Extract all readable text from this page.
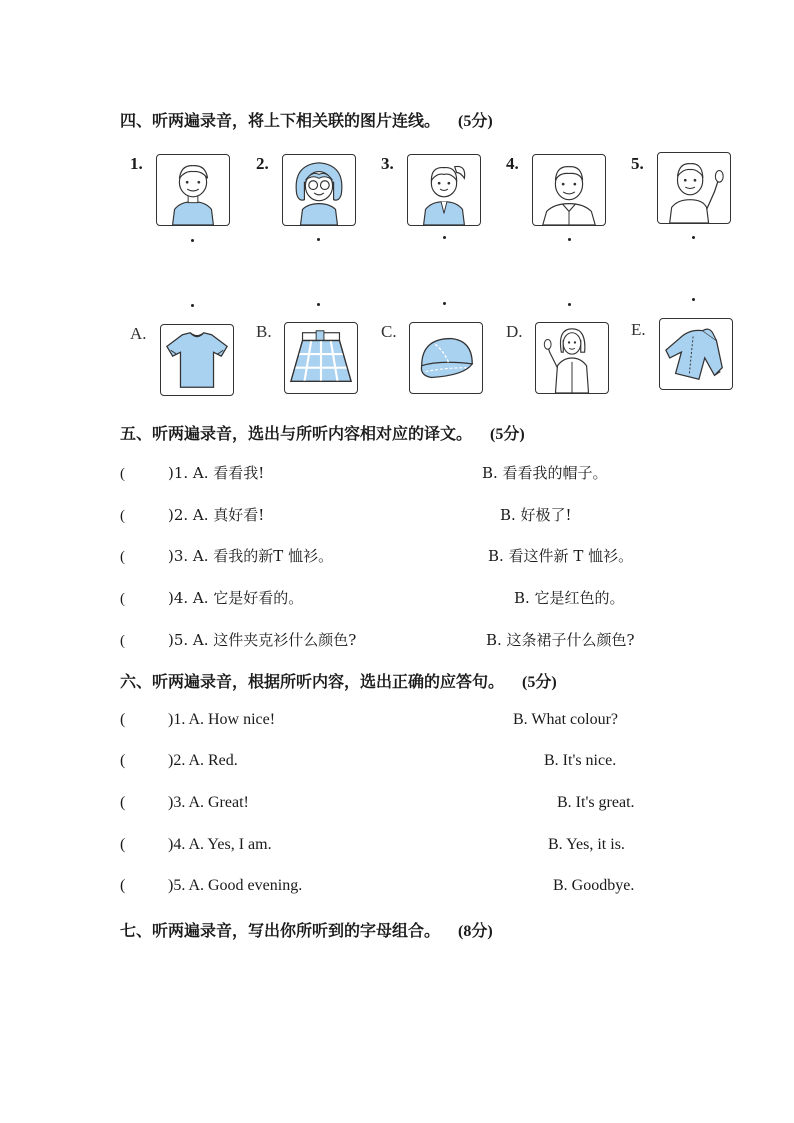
四、听两遍录音，将上下相关联的图片连线。 (5分)
1.	2.	3.	4.	5.
A.	B.	C.	D.	E.
五、听两遍录音，选出与所听内容相对应的译文。 (5分)
(	)1. A. 看看我!	B. 看看我的帽子。
(	)2. A. 真好看!	B. 好极了!
(	)3. A. 看我的新T 恤衫。	B. 看这件新 T 恤衫。
(	)4. A. 它是好看的。	B. 它是红色的。
(	)5. A. 这件夹克衫什么颜色?	B. 这条裙子什么颜色?
六、听两遍录音，根据所听内容，选出正确的应答句。 (5分)
(	)1. A. How nice!	B. What colour?
(	)2. A. Red.	B. It's nice.
(	)3. A. Great!	B. It's great.
(	)4. A. Yes, I am.	B. Yes, it is.
(	)5. A. Good evening.	B. Goodbye.
七、听两遍录音，写出你所听到的字母组合。 (8分)
